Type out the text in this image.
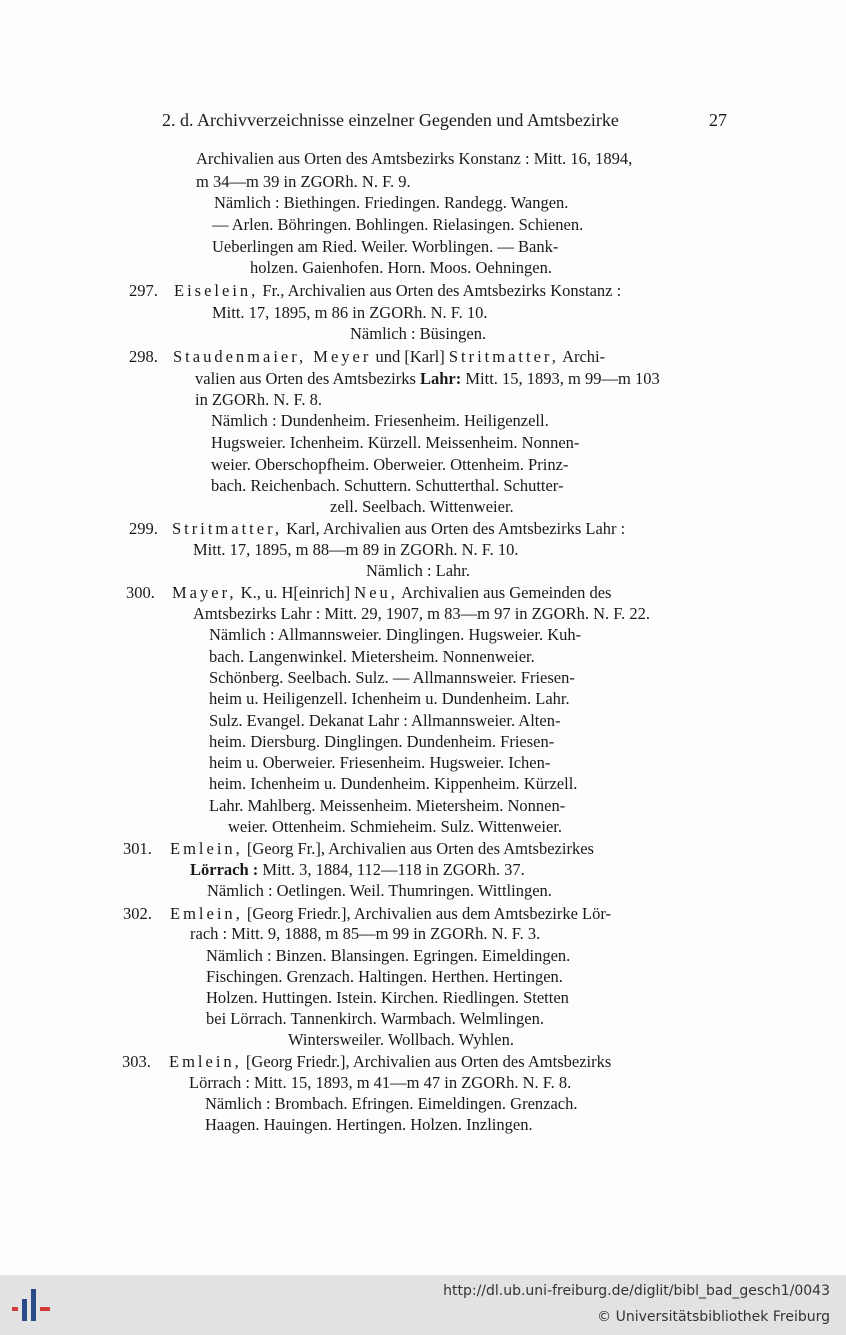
2. d. Archivverzeichnisse einzelner Gegenden und Amtsbezirke	27
Archivalien aus Orten des Amtsbezirks Konstanz : Mitt. 16, 1894,
m 34—m 39 in ZGORh. N. F. 9.
Nämlich : Biethingen. Friedingen. Randegg. Wangen.
— Arlen. Böhringen. Bohlingen. Rielasingen. Schienen.
Ueberlingen am Ried. Weiler. Worblingen. — Bank-
holzen. Gaienhofen. Horn. Moos. Oehningen.
297. Eiselein, Fr., Archivalien aus Orten des Amtsbezirks Konstanz :
Mitt. 17, 1895, m 86 in ZGORh. N. F. 10.
Nämlich : Büsingen.
298. Staudenmaier, Meyer und [Karl] Stritmatter, Archi-
valien aus Orten des Amtsbezirks Lahr: Mitt. 15, 1893, m 99—m 103
in ZGORh. N. F. 8.
Nämlich : Dundenheim. Friesenheim. Heiligenzell.
Hugsweier. Ichenheim. Kürzell. Meissenheim. Nonnen-
weier. Oberschopfheim. Oberweier. Ottenheim. Prinz-
bach. Reichenbach. Schuttern. Schutterthal. Schutter-
zell. Seelbach. Wittenweier.
299. Stritmatter, Karl, Archivalien aus Orten des Amtsbezirks Lahr :
Mitt. 17, 1895, m 88—m 89 in ZGORh. N. F. 10.
Nämlich : Lahr.
300. Mayer, K., u. H[einrich] Neu, Archivalien aus Gemeinden des
Amtsbezirks Lahr : Mitt. 29, 1907, m 83—m 97 in ZGORh. N. F. 22.
Nämlich : Allmannsweier. Dinglingen. Hugsweier. Kuh-
bach. Langenwinkel. Mietersheim. Nonnenweier.
Schönberg. Seelbach. Sulz. — Allmannsweier. Friesen-
heim u. Heiligenzell. Ichenheim u. Dundenheim. Lahr.
Sulz. Evangel. Dekanat Lahr : Allmannsweier. Alten-
heim. Diersburg. Dinglingen. Dundenheim. Friesen-
heim u. Oberweier. Friesenheim. Hugsweier. Ichen-
heim. Ichenheim u. Dundenheim. Kippenheim. Kürzell.
Lahr. Mahlberg. Meissenheim. Mietersheim. Nonnen-
weier. Ottenheim. Schmieheim. Sulz. Wittenweier.
301. Emlein, [Georg Fr.], Archivalien aus Orten des Amtsbezirkes
Lörrach : Mitt. 3, 1884, 112—118 in ZGORh. 37.
Nämlich : Oetlingen. Weil. Thumringen. Wittlingen.
302. Emlein, [Georg Friedr.], Archivalien aus dem Amtsbezirke Lör-
rach : Mitt. 9, 1888, m 85—m 99 in ZGORh. N. F. 3.
Nämlich : Binzen. Blansingen. Egringen. Eimeldingen.
Fischingen. Grenzach. Haltingen. Herthen. Hertingen.
Holzen. Huttingen. Istein. Kirchen. Riedlingen. Stetten
bei Lörrach. Tannenkirch. Warmbach. Welmlingen.
Wintersweiler. Wollbach. Wyhlen.
303. Emlein, [Georg Friedr.], Archivalien aus Orten des Amtsbezirks
Lörrach : Mitt. 15, 1893, m 41—m 47 in ZGORh. N. F. 8.
Nämlich : Brombach. Efringen. Eimeldingen. Grenzach.
Haagen. Hauingen. Hertingen. Holzen. Inzlingen.
http://dl.ub.uni-freiburg.de/diglit/bibl_bad_gesch1/0043
© Universitätsbibliothek Freiburg
